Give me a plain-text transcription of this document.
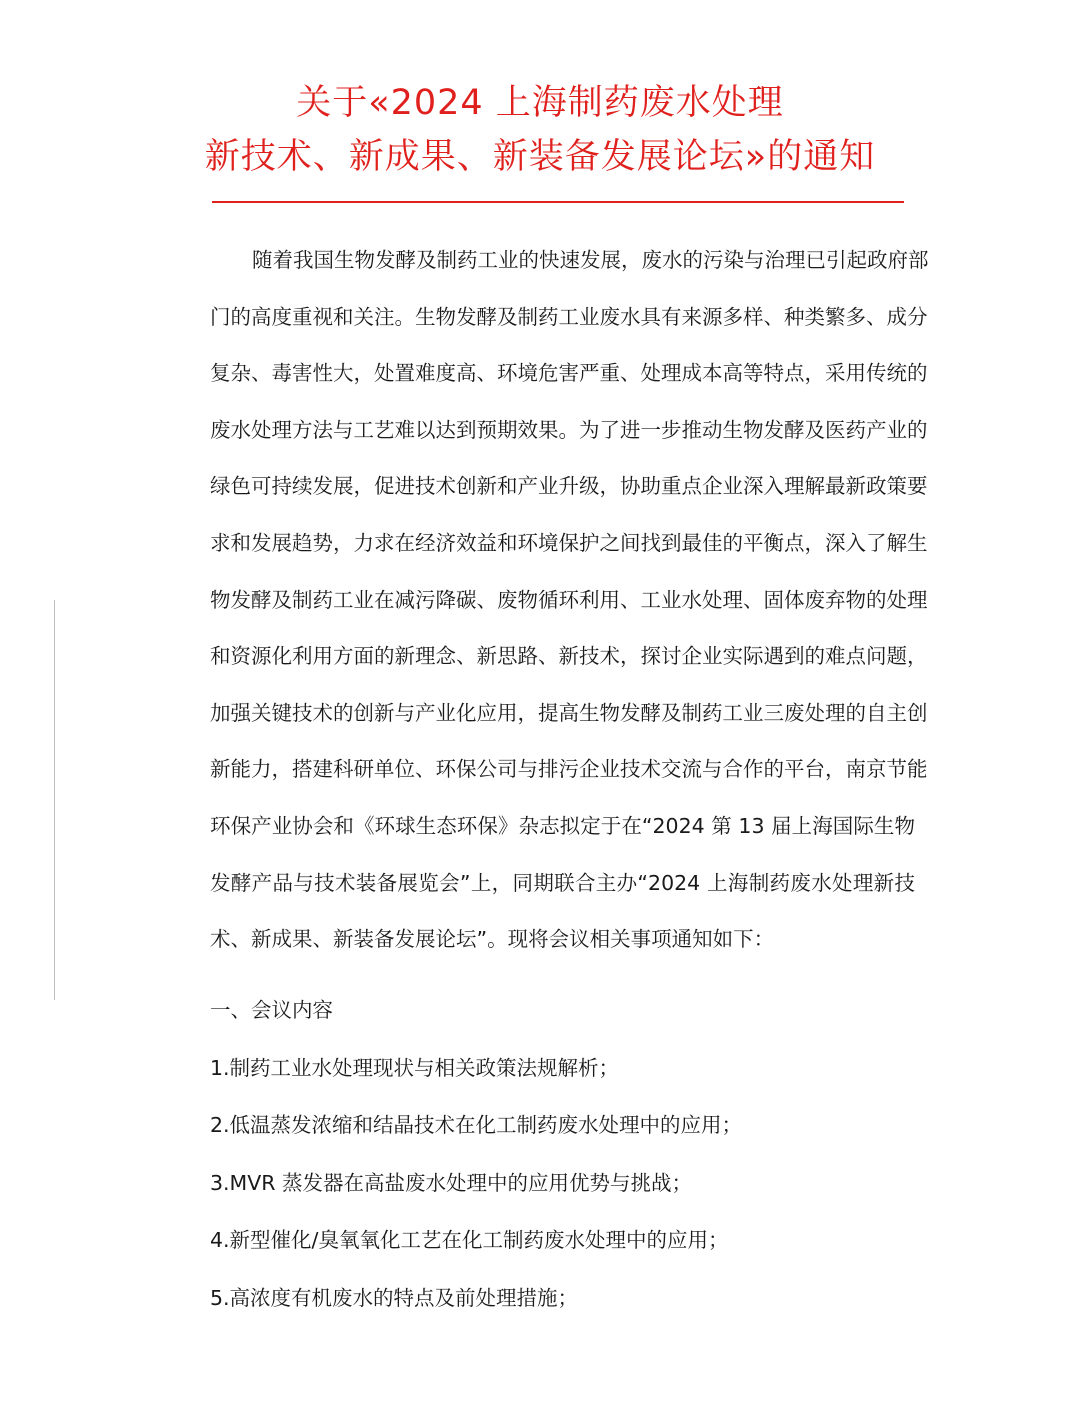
关于«2024 上海制药废水处理
新技术、新成果、新装备发展论坛»的通知
随着我国生物发酵及制药工业的快速发展，废水的污染与治理已引起政府部
门的高度重视和关注。生物发酵及制药工业废水具有来源多样、种类繁多、成分
复杂、毒害性大，处置难度高、环境危害严重、处理成本高等特点，采用传统的
废水处理方法与工艺难以达到预期效果。为了进一步推动生物发酵及医药产业的
绿色可持续发展，促进技术创新和产业升级，协助重点企业深入理解最新政策要
求和发展趋势，力求在经济效益和环境保护之间找到最佳的平衡点，深入了解生
物发酵及制药工业在减污降碳、废物循环利用、工业水处理、固体废弃物的处理
和资源化利用方面的新理念、新思路、新技术，探讨企业实际遇到的难点问题，
加强关键技术的创新与产业化应用，提高生物发酵及制药工业三废处理的自主创
新能力，搭建科研单位、环保公司与排污企业技术交流与合作的平台，南京节能
环保产业协会和《环球生态环保》杂志拟定于在“2024 第 13 届上海国际生物
发酵产品与技术装备展览会”上，同期联合主办“2024 上海制药废水处理新技
术、新成果、新装备发展论坛”。现将会议相关事项通知如下：
一、会议内容
1.制药工业水处理现状与相关政策法规解析；
2.低温蒸发浓缩和结晶技术在化工制药废水处理中的应用；
3.MVR 蒸发器在高盐废水处理中的应用优势与挑战；
4.新型催化/臭氧氧化工艺在化工制药废水处理中的应用；
5.高浓度有机废水的特点及前处理措施；
